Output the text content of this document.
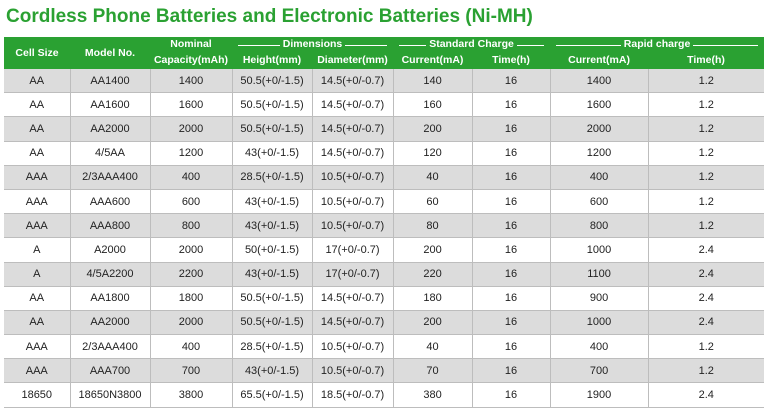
Cordless Phone Batteries and Electronic Batteries (Ni-MH)
Cell Size	Model No.	Nominal	Dimensions		Standard Charge		Rapid charge	

		Capacity(mAh)	Height(mm)	Diameter(mm)	Current(mA)	Time(h)	Current(mA)	Time(h)
AA	AA1400	1400	50.5(+0/-1.5)	14.5(+0/-0.7)	140	16	1400	1.2
AA	AA1600	1600	50.5(+0/-1.5)	14.5(+0/-0.7)	160	16	1600	1.2
AA	AA2000	2000	50.5(+0/-1.5)	14.5(+0/-0.7)	200	16	2000	1.2
AA	4/5AA	1200	43(+0/-1.5)	14.5(+0/-0.7)	120	16	1200	1.2
AAA	2/3AAA400	400	28.5(+0/-1.5)	10.5(+0/-0.7)	40	16	400	1.2
AAA	AAA600	600	43(+0/-1.5)	10.5(+0/-0.7)	60	16	600	1.2
AAA	AAA800	800	43(+0/-1.5)	10.5(+0/-0.7)	80	16	800	1.2
A	A2000	2000	50(+0/-1.5)	17(+0/-0.7)	200	16	1000	2.4
A	4/5A2200	2200	43(+0/-1.5)	17(+0/-0.7)	220	16	1100	2.4
AA	AA1800	1800	50.5(+0/-1.5)	14.5(+0/-0.7)	180	16	900	2.4
AA	AA2000	2000	50.5(+0/-1.5)	14.5(+0/-0.7)	200	16	1000	2.4
AAA	2/3AAA400	400	28.5(+0/-1.5)	10.5(+0/-0.7)	40	16	400	1.2
AAA	AAA700	700	43(+0/-1.5)	10.5(+0/-0.7)	70	16	700	1.2
18650	18650N3800	3800	65.5(+0/-1.5)	18.5(+0/-0.7)	380	16	1900	2.4
